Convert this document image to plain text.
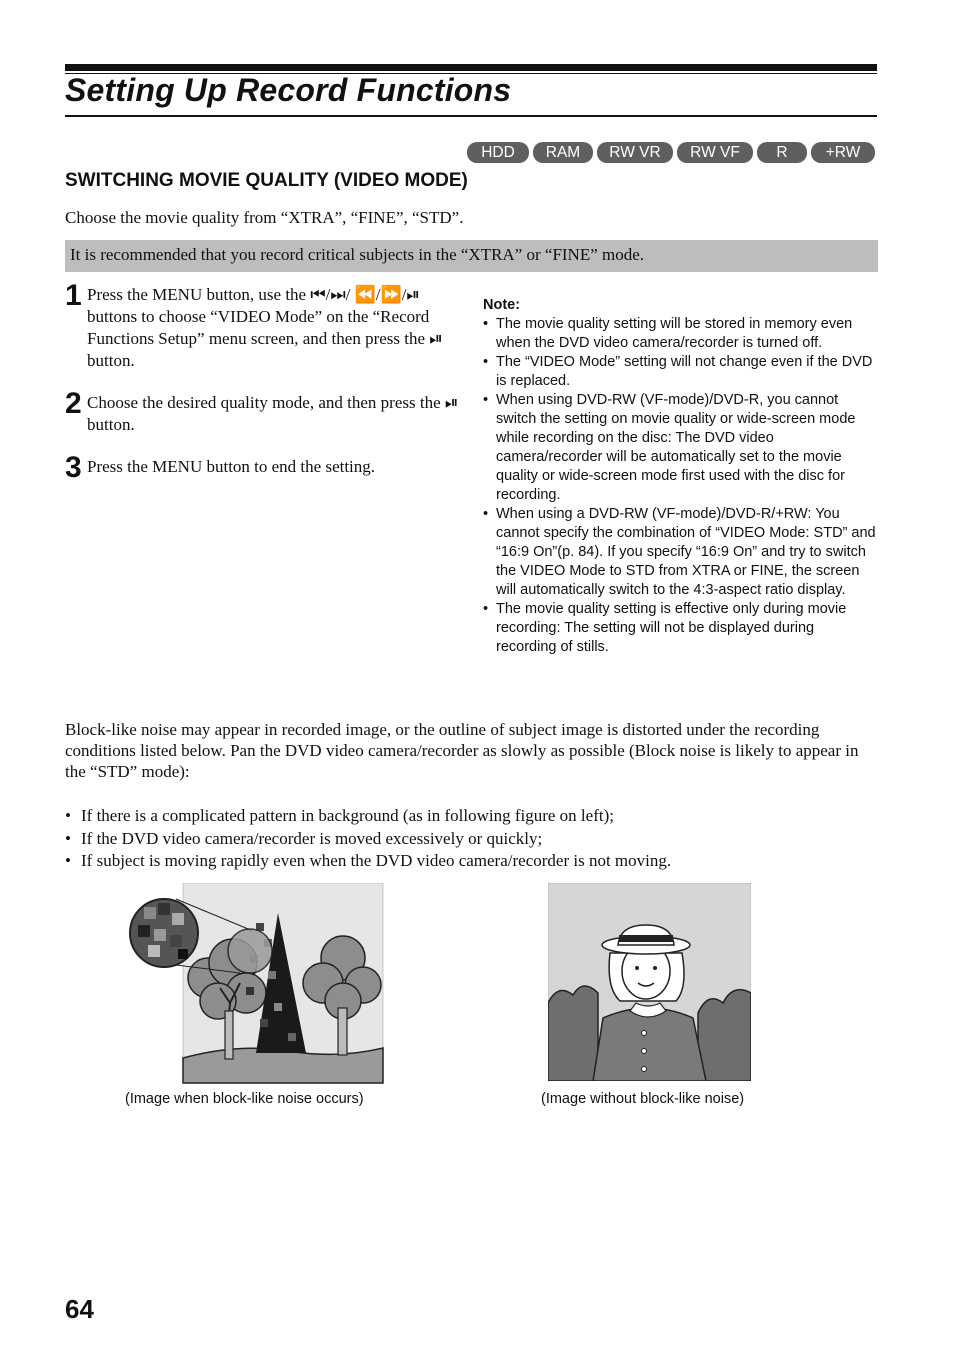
Setting Up Record Functions
HDD	RAM	RW VR	RW VF	R	+RW
SWITCHING MOVIE QUALITY (VIDEO MODE)
Choose the movie quality from “XTRA”, “FINE”, “STD”.
It is recommended that you record critical subjects in the “XTRA” or “FINE” mode.
1 Press the MENU button, use the ⏮/⏭/ ⏪/⏩/⏯ buttons to choose “VIDEO Mode” on the “Record Functions Setup” menu screen, and then press the ⏯ button.
2 Choose the desired quality mode, and then press the ⏯ button.
3 Press the MENU button to end the setting.
Note:
• The movie quality setting will be stored in memory even when the DVD video camera/recorder is turned off.
• The “VIDEO Mode” setting will not change even if the DVD is replaced.
• When using DVD-RW (VF-mode)/DVD-R, you cannot switch the setting on movie quality or wide-screen mode while recording on the disc: The DVD video camera/recorder will be automatically set to the movie quality or wide-screen mode first used with the disc for recording.
• When using a DVD-RW (VF-mode)/DVD-R/+RW: You cannot specify the combination of “VIDEO Mode: STD” and “16:9 On”(p. 84). If you specify “16:9 On” and try to switch the VIDEO Mode to STD from XTRA or FINE, the screen will automatically switch to the 4:3-aspect ratio display.
• The movie quality setting is effective only during movie recording: The setting will not be displayed during recording of stills.
Block-like noise may appear in recorded image, or the outline of subject image is distorted under the recording conditions listed below. Pan the DVD video camera/recorder as slowly as possible (Block noise is likely to appear in the “STD” mode):
• If there is a complicated pattern in background (as in following figure on left);
• If the DVD video camera/recorder is moved excessively or quickly;
• If subject is moving rapidly even when the DVD video camera/recorder is not moving.
(Image when block-like noise occurs)	(Image without block-like noise)
64
